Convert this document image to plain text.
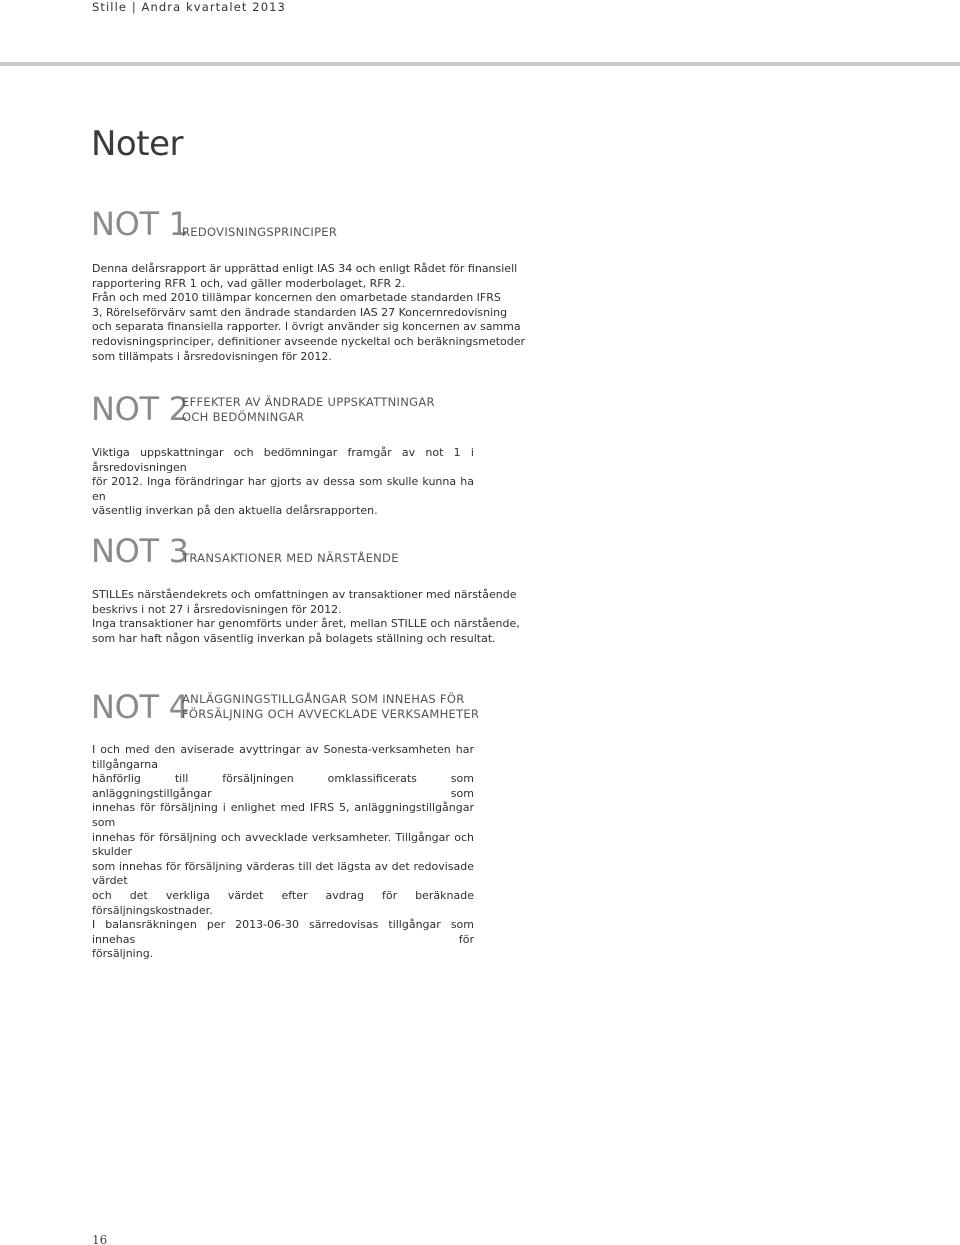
Stille | Andra kvartalet 2013
Noter
NOT 1
REDOVISNINGSPRINCIPER
Denna delårsrapport är upprättad enligt IAS 34 och enligt Rådet för finansiell
rapportering RFR 1 och, vad gäller moderbolaget, RFR 2.
Från och med 2010 tillämpar koncernen den omarbetade standarden IFRS
3, Rörelseförvärv samt den ändrade standarden IAS 27 Koncernredovisning
och separata finansiella rapporter. I övrigt använder sig koncernen av samma
redovisningsprinciper, definitioner avseende nyckeltal och beräkningsmetoder
som tillämpats i årsredovisningen för 2012.
NOT 2
EFFEKTER AV ÄNDRADE UPPSKATTNINGAR
OCH BEDÖMNINGAR
Viktiga uppskattningar och bedömningar framgår av not 1 i årsredovisningen
för 2012. Inga förändringar har gjorts av dessa som skulle kunna ha en
väsentlig inverkan på den aktuella delårsrapporten.
NOT 3
TRANSAKTIONER MED NÄRSTÅENDE
STILLEs närståendekrets och omfattningen av transaktioner med närstående
beskrivs i not 27 i årsredovisningen för 2012.
Inga transaktioner har genomförts under året, mellan STILLE och närstående,
som har haft någon väsentlig inverkan på bolagets ställning och resultat.
NOT 4
ANLÄGGNINGSTILLGÅNGAR SOM INNEHAS FÖR
FÖRSÄLJNING OCH AVVECKLADE VERKSAMHETER
I och med den aviserade avyttringar av Sonesta-verksamheten har tillgångarna
hänförlig till försäljningen omklassificerats som anläggningstillgångar som
innehas för försäljning i enlighet med IFRS 5, anläggningstillgångar som
innehas för försäljning och avvecklade verksamheter. Tillgångar och skulder
som innehas för försäljning värderas till det lägsta av det redovisade värdet
och det verkliga värdet efter avdrag för beräknade försäljningskostnader.
I balansräkningen per 2013-06-30 särredovisas tillgångar som innehas för
försäljning.
16
